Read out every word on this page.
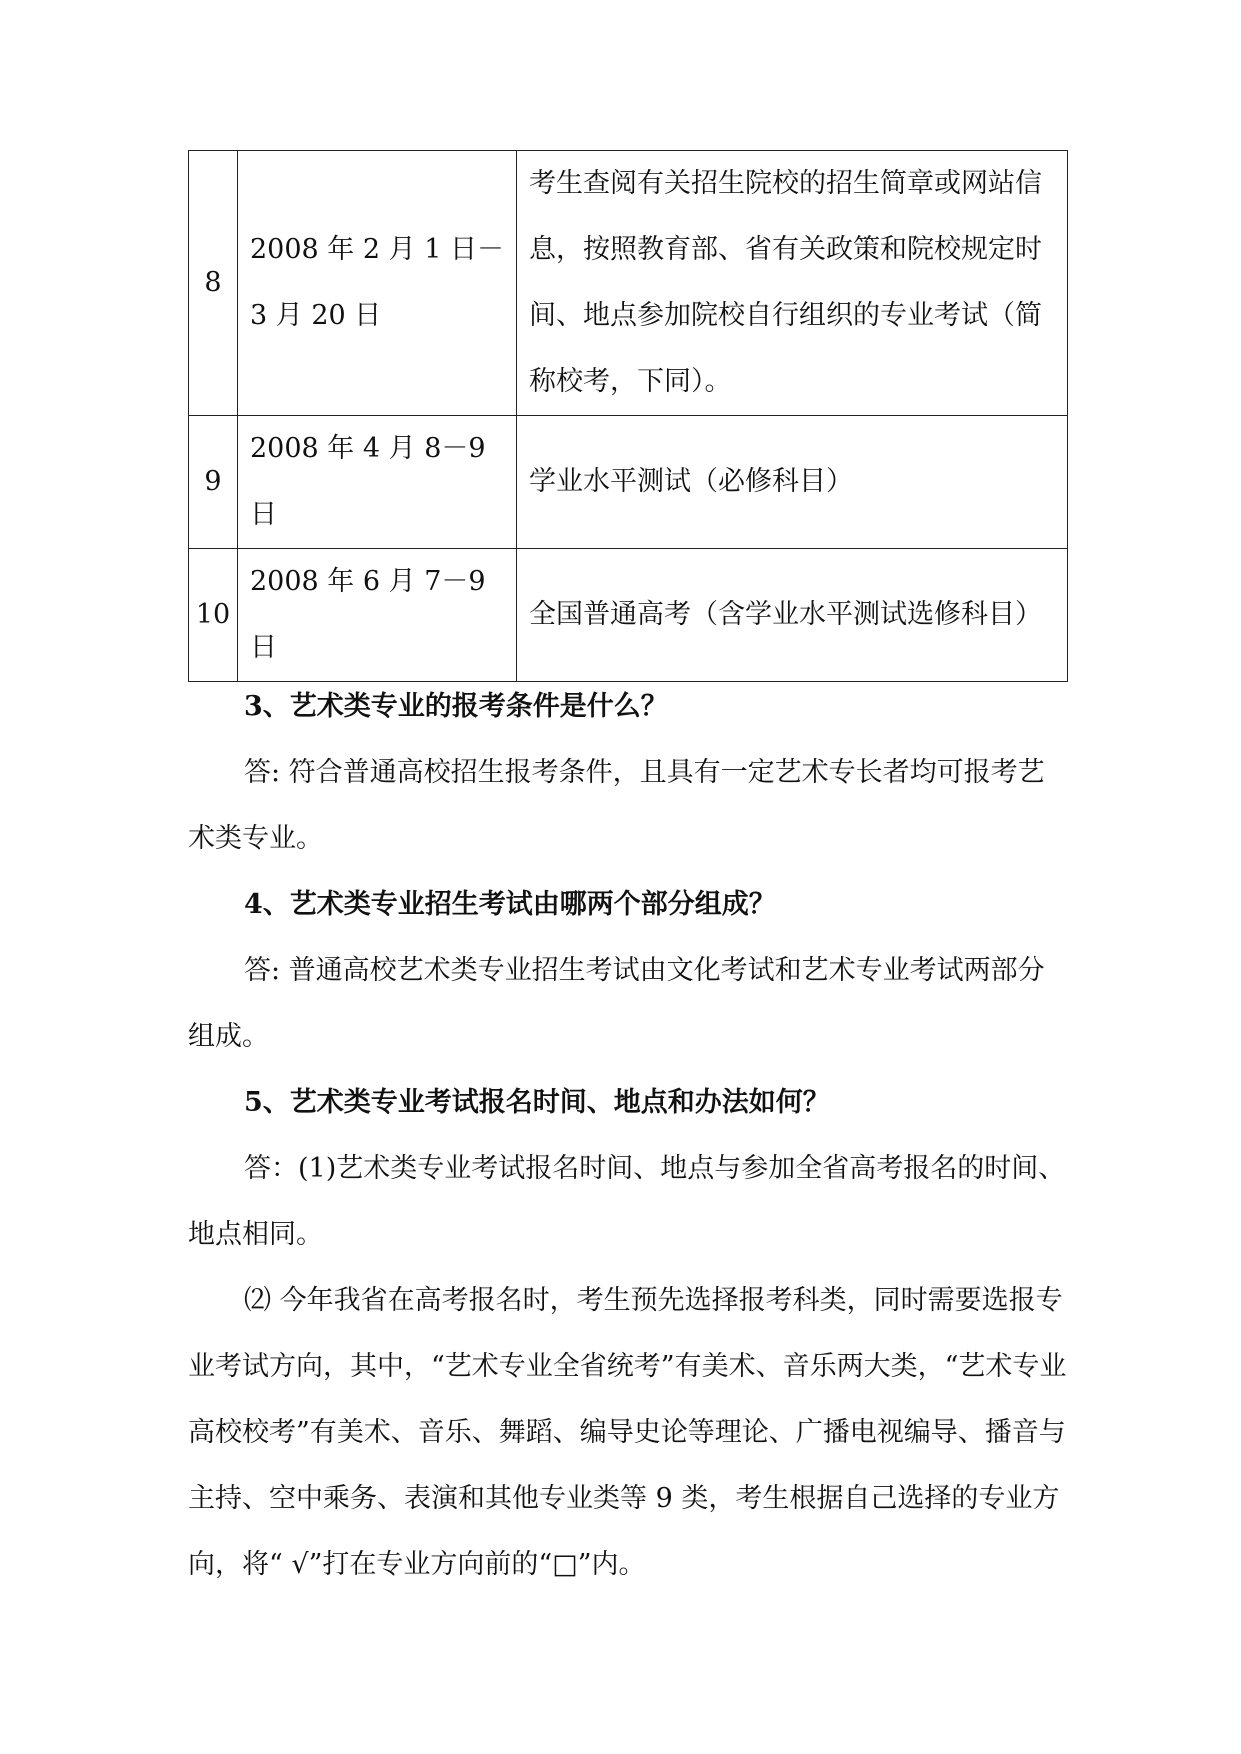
8	2008 年 2 月 1 日－3 月 20 日	考生查阅有关招生院校的招生简章或网站信息，按照教育部、省有关政策和院校规定时间、地点参加院校自行组织的专业考试（简称校考，下同）。
9	2008 年 4 月 8－9 日	学业水平测试（必修科目）
10	2008 年 6 月 7－9 日	全国普通高考（含学业水平测试选修科目）

3、艺术类专业的报考条件是什么？

答: 符合普通高校招生报考条件，且具有一定艺术专长者均可报考艺术类专业。

4、艺术类专业招生考试由哪两个部分组成？

答: 普通高校艺术类专业招生考试由文化考试和艺术专业考试两部分组成。

5、艺术类专业考试报名时间、地点和办法如何？

答：(1)艺术类专业考试报名时间、地点与参加全省高考报名的时间、地点相同。

⑵ 今年我省在高考报名时，考生预先选择报考科类，同时需要选报专业考试方向，其中，“艺术专业全省统考”有美术、音乐两大类，“艺术专业高校校考”有美术、音乐、舞蹈、编导史论等理论、广播电视编导、播音与主持、空中乘务、表演和其他专业类等 9 类，考生根据自己选择的专业方向，将“ √”打在专业方向前的“□”内。
